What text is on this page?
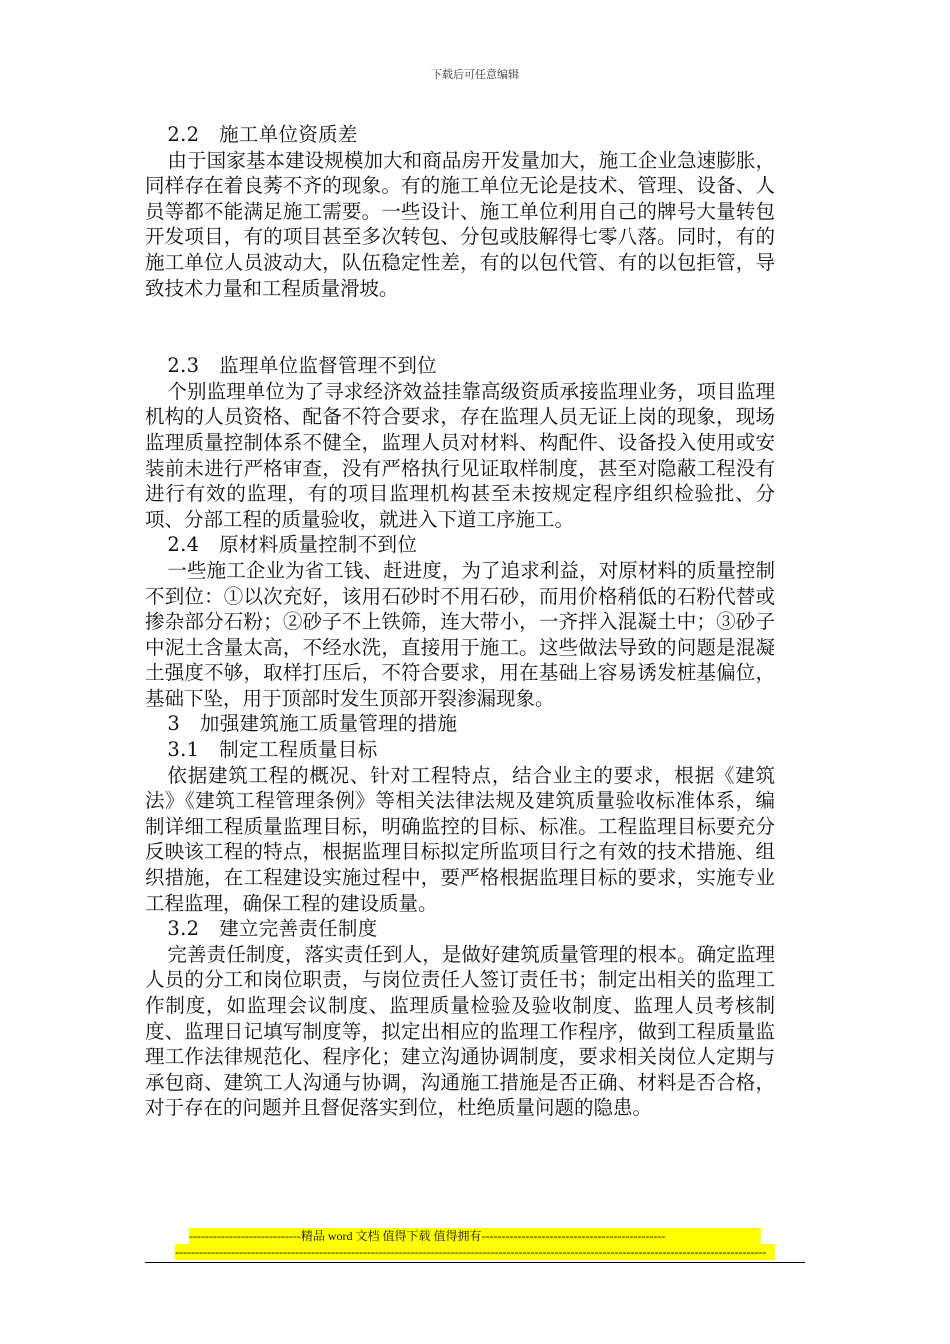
下载后可任意编辑

2.2　施工单位资质差

由于国家基本建设规模加大和商品房开发量加大，施工企业急速膨胀，同样存在着良莠不齐的现象。有的施工单位无论是技术、管理、设备、人员等都不能满足施工需要。一些设计、施工单位利用自己的牌号大量转包开发项目，有的项目甚至多次转包、分包或肢解得七零八落。同时，有的施工单位人员波动大，队伍稳定性差，有的以包代管、有的以包拒管，导致技术力量和工程质量滑坡。

2.3　监理单位监督管理不到位

个别监理单位为了寻求经济效益挂靠高级资质承接监理业务，项目监理机构的人员资格、配备不符合要求，存在监理人员无证上岗的现象，现场监理质量控制体系不健全，监理人员对材料、构配件、设备投入使用或安装前未进行严格审查，没有严格执行见证取样制度，甚至对隐蔽工程没有进行有效的监理，有的项目监理机构甚至未按规定程序组织检验批、分项、分部工程的质量验收，就进入下道工序施工。

2.4　原材料质量控制不到位

一些施工企业为省工钱、赶进度，为了追求利益，对原材料的质量控制不到位：①以次充好，该用石砂时不用石砂，而用价格稍低的石粉代替或掺杂部分石粉；②砂子不上铁筛，连大带小，一齐拌入混凝土中；③砂子中泥土含量太高，不经水洗，直接用于施工。这些做法导致的问题是混凝土强度不够，取样打压后，不符合要求，用在基础上容易诱发桩基偏位，基础下坠，用于顶部时发生顶部开裂渗漏现象。

3　加强建筑施工质量管理的措施

3.1　制定工程质量目标

依据建筑工程的概况、针对工程特点，结合业主的要求，根据《建筑法》《建筑工程管理条例》等相关法律法规及建筑质量验收标准体系，编制详细工程质量监理目标，明确监控的目标、标准。工程监理目标要充分反映该工程的特点，根据监理目标拟定所监项目行之有效的技术措施、组织措施，在工程建设实施过程中，要严格根据监理目标的要求，实施专业工程监理，确保工程的建设质量。

3.2　建立完善责任制度

完善责任制度，落实责任到人，是做好建筑质量管理的根本。确定监理人员的分工和岗位职责，与岗位责任人签订责任书；制定出相关的监理工作制度，如监理会议制度、监理质量检验及验收制度、监理人员考核制度、监理日记填写制度等，拟定出相应的监理工作程序，做到工程质量监理工作法律规范化、程序化；建立沟通协调制度，要求相关岗位人定期与承包商、建筑工人沟通与协调，沟通施工措施是否正确、材料是否合格，对于存在的问题并且督促落实到位，杜绝质量问题的隐患。

----------------------------精品 word 文档 值得下载 值得拥有----------------------------------------------
----------------------------------------------------------------------------------------------------------------------------------------------------
